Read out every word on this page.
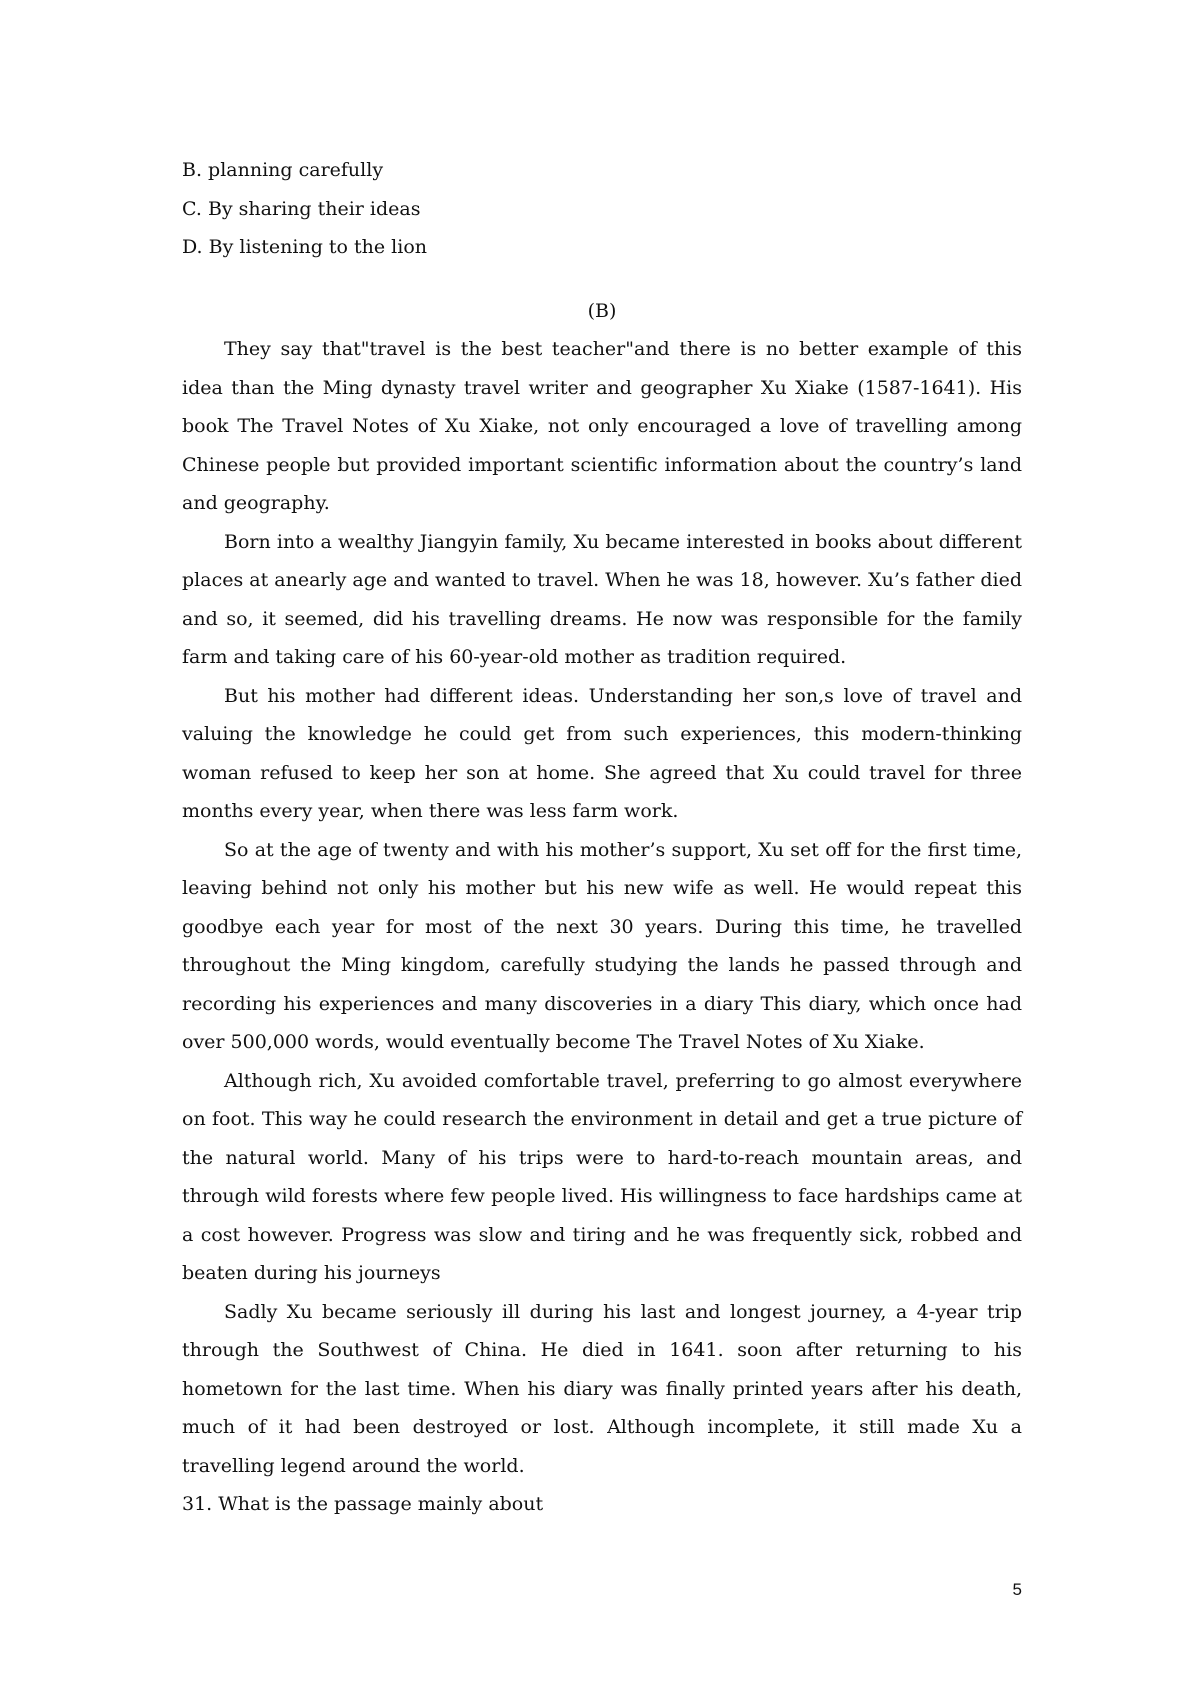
B. planning carefully

C. By sharing their ideas

D. By listening to the lion

(B)

They say that"travel is the best teacher"and there is no better example of this idea than the Ming dynasty travel writer and geographer Xu Xiake (1587-1641). His book The Travel Notes of Xu Xiake, not only encouraged a love of travelling among Chinese people but provided important scientific information about the country’s land and geography.

Born into a wealthy Jiangyin family, Xu became interested in books about different places at anearly age and wanted to travel. When he was 18, however. Xu’s father died and so, it seemed, did his travelling dreams. He now was responsible for the family farm and taking care of his 60-year-old mother as tradition required.

But his mother had different ideas. Understanding her son,s love of travel and valuing the knowledge he could get from such experiences, this modern-thinking woman refused to keep her son at home. She agreed that Xu could travel for three months every year, when there was less farm work.

So at the age of twenty and with his mother’s support, Xu set off for the first time, leaving behind not only his mother but his new wife as well. He would repeat this goodbye each year for most of the next 30 years. During this time, he travelled throughout the Ming kingdom, carefully studying the lands he passed through and recording his experiences and many discoveries in a diary This diary, which once had over 500,000 words, would eventually become The Travel Notes of Xu Xiake.

Although rich, Xu avoided comfortable travel, preferring to go almost everywhere on foot. This way he could research the environment in detail and get a true picture of the natural world. Many of his trips were to hard-to-reach mountain areas, and through wild forests where few people lived. His willingness to face hardships came at a cost however. Progress was slow and tiring and he was frequently sick, robbed and beaten during his journeys

Sadly Xu became seriously ill during his last and longest journey, a 4-year trip through the Southwest of China. He died in 1641. soon after returning to his hometown for the last time. When his diary was finally printed years after his death, much of it had been destroyed or lost. Although incomplete, it still made Xu a travelling legend around the world.

31. What is the passage mainly about

5
